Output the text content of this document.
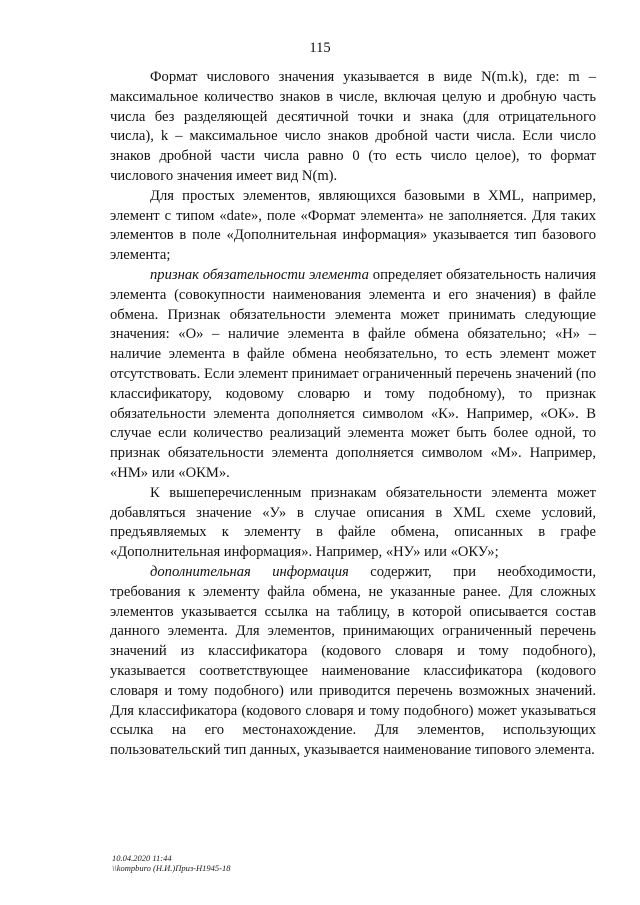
115

Формат числового значения указывается в виде N(m.k), где: m – максимальное количество знаков в числе, включая целую и дробную часть числа без разделяющей десятичной точки и знака (для отрицательного числа), k – максимальное число знаков дробной части числа. Если число знаков дробной части числа равно 0 (то есть число целое), то формат числового значения имеет вид N(m).

Для простых элементов, являющихся базовыми в XML, например, элемент с типом «date», поле «Формат элемента» не заполняется. Для таких элементов в поле «Дополнительная информация» указывается тип базового элемента;

признак обязательности элемента определяет обязательность наличия элемента (совокупности наименования элемента и его значения) в файле обмена. Признак обязательности элемента может принимать следующие значения: «О» – наличие элемента в файле обмена обязательно; «Н» – наличие элемента в файле обмена необязательно, то есть элемент может отсутствовать. Если элемент принимает ограниченный перечень значений (по классификатору, кодовому словарю и тому подобному), то признак обязательности элемента дополняется символом «К». Например, «ОК». В случае если количество реализаций элемента может быть более одной, то признак обязательности элемента дополняется символом «М». Например, «НМ» или «ОКМ».

К вышеперечисленным признакам обязательности элемента может добавляться значение «У» в случае описания в XML схеме условий, предъявляемых к элементу в файле обмена, описанных в графе «Дополнительная информация». Например, «НУ» или «ОКУ»;

дополнительная информация содержит, при необходимости, требования к элементу файла обмена, не указанные ранее. Для сложных элементов указывается ссылка на таблицу, в которой описывается состав данного элемента. Для элементов, принимающих ограниченный перечень значений из классификатора (кодового словаря и тому подобного), указывается соответствующее наименование классификатора (кодового словаря и тому подобного) или приводится перечень возможных значений. Для классификатора (кодового словаря и тому подобного) может указываться ссылка на его местонахождение. Для элементов, использующих пользовательский тип данных, указывается наименование типового элемента.

10.04.2020 11:44
\\kompburo (Н.И.)Приз-Н1945-18
